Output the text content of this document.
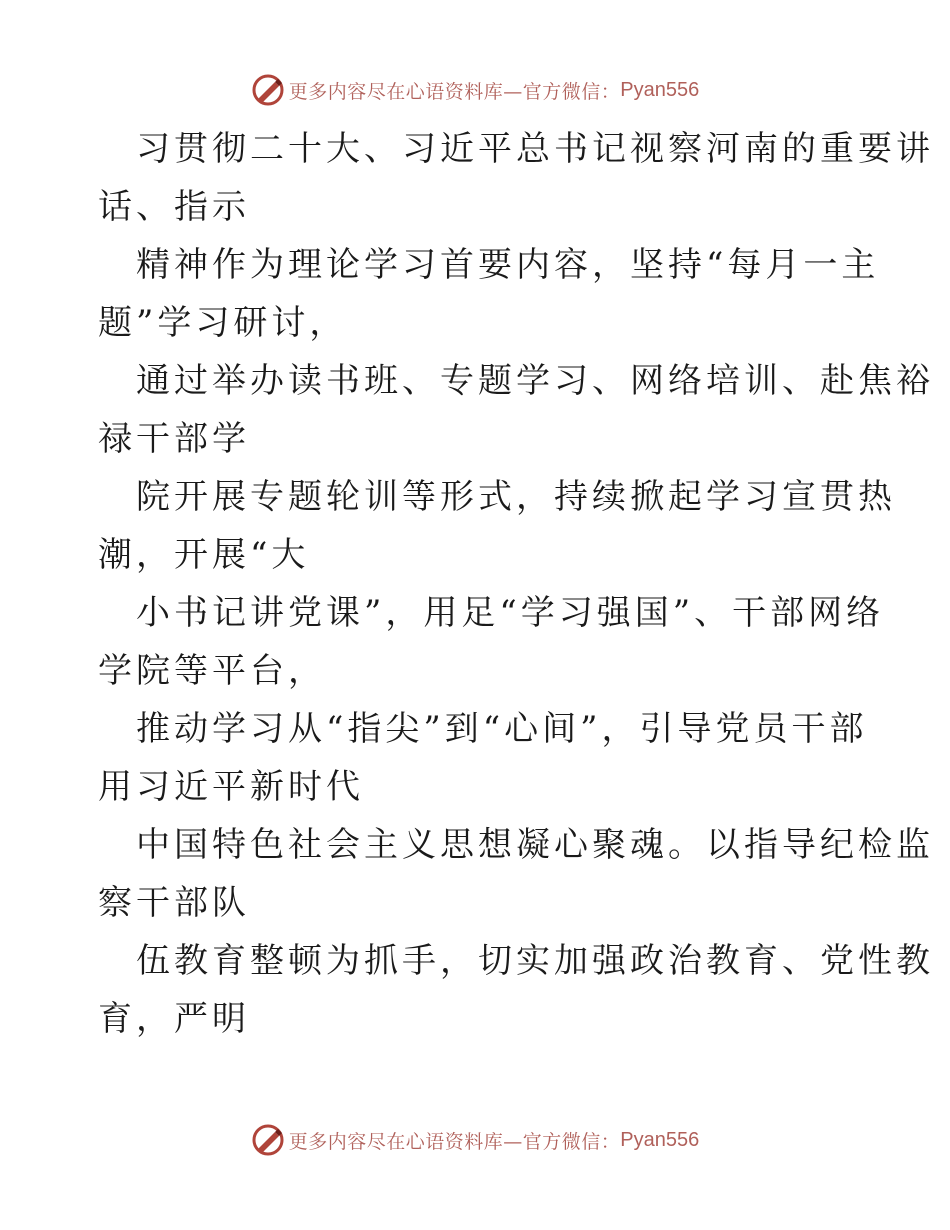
更多内容尽在心语资料库—官方微信： Pyan556

习贯彻二十大、习近平总书记视察河南的重要讲
话、指示

精神作为理论学习首要内容，坚持“每月一主
题”学习研讨，

通过举办读书班、专题学习、网络培训、赴焦裕
禄干部学

院开展专题轮训等形式，持续掀起学习宣贯热
潮，开展“大

小书记讲党课”，用足“学习强国”、干部网络
学院等平台，

推动学习从“指尖”到“心间”，引导党员干部
用习近平新时代

中国特色社会主义思想凝心聚魂。以指导纪检监
察干部队

伍教育整顿为抓手，切实加强政治教育、党性教
育，严明

更多内容尽在心语资料库—官方微信： Pyan556
